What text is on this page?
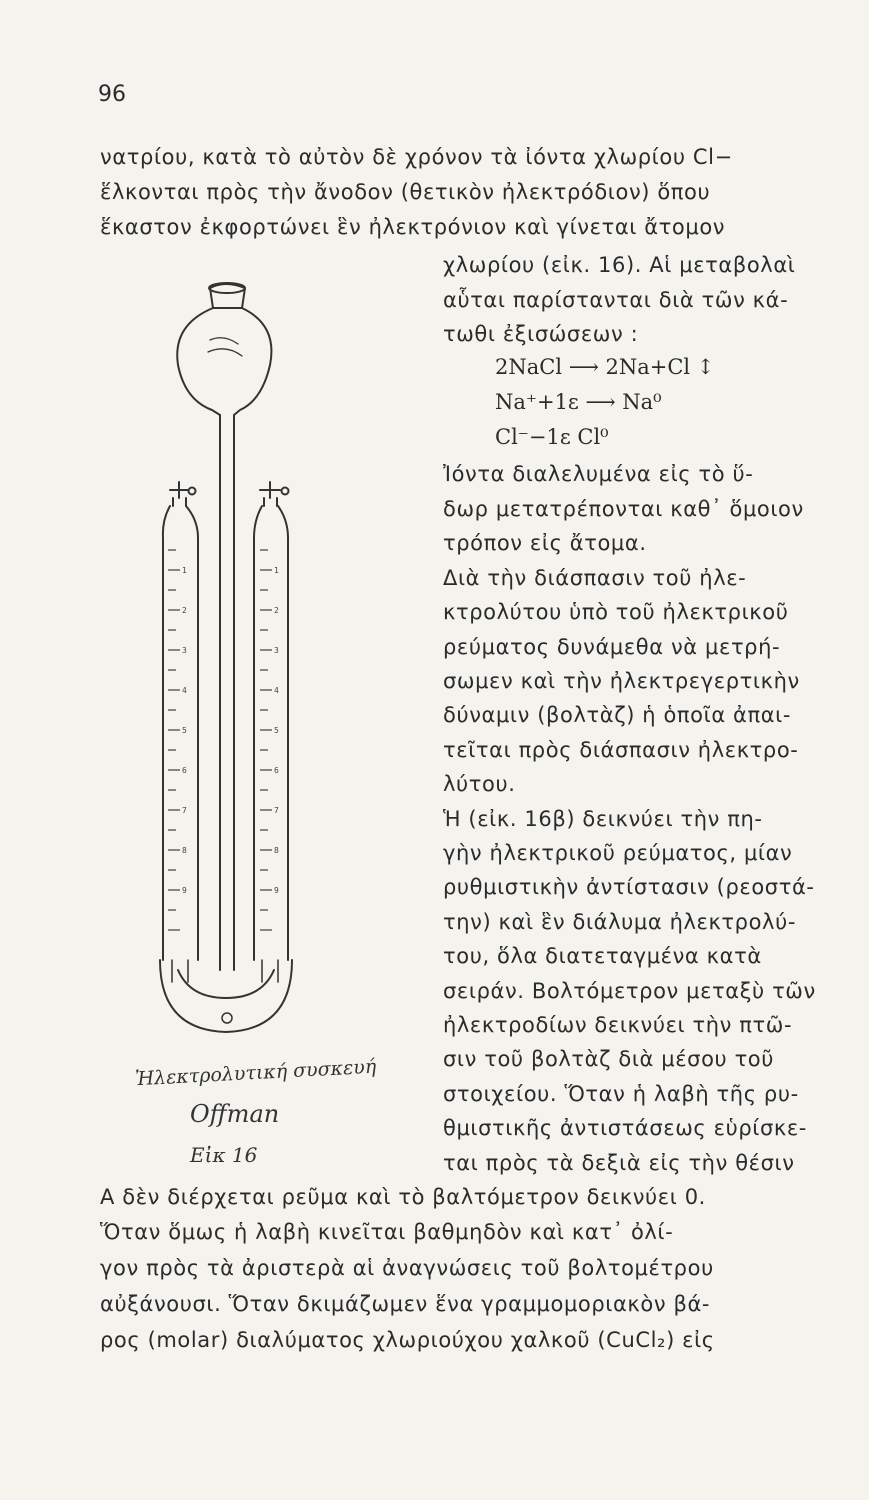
96
νατρίου, κατὰ τὸ αὐτὸν δὲ χρόνον τὰ ἰόντα χλωρίου Cl−
ἕλκονται πρὸς τὴν ἄνοδον (θετικὸν ἠλεκτρόδιον) ὅπου
ἕκαστον ἐκφορτώνει ἓν ἠλεκτρόνιον καὶ γίνεται ἄτομον
χλωρίου (εἰκ. 16). Αἱ μεταβολαὶ
αὗται παρίστανται διὰ τῶν κά-
τωθι ἐξισώσεων :
2NaCl ⟶ 2Na+Cl ↕
Na⁺+1ε ⟶ Na⁰
Cl⁻−1ε Cl⁰
Ἰόντα διαλελυμένα εἰς τὸ ὕ-
δωρ μετατρέπονται καθ᾿ ὅμοιον
τρόπον εἰς ἄτομα.
Διὰ τὴν διάσπασιν τοῦ ἠλε-
κτρολύτου ὑπὸ τοῦ ἠλεκτρικοῦ
ρεύματος δυνάμεθα νὰ μετρή-
σωμεν καὶ τὴν ἠλεκτρεγερτικὴν
δύναμιν (βολτὰζ) ἡ ὁποῖα ἀπαι-
τεῖται πρὸς διάσπασιν ἠλεκτρο-
λύτου.
Ἡ (εἰκ. 16β) δεικνύει τὴν πη-
γὴν ἠλεκτρικοῦ ρεύματος, μίαν
ρυθμιστικὴν ἀντίστασιν (ρεοστά-
την) καὶ ἓν διάλυμα ἠλεκτρολύ-
του, ὅλα διατεταγμένα κατὰ
σειράν. Βολτόμετρον μεταξὺ τῶν
ἠλεκτροδίων δεικνύει τὴν πτῶ-
σιν τοῦ βολτὰζ διὰ μέσου τοῦ
στοιχείου. Ὅταν ἡ λαβὴ τῆς ρυ-
θμιστικῆς ἀντιστάσεως εὑρίσκε-
ται πρὸς τὰ δεξιὰ εἰς τὴν θέσιν
Α δὲν διέρχεται ρεῦμα καὶ τὸ βαλτόμετρον δεικνύει 0.
Ὅταν ὅμως ἡ λαβὴ κινεῖται βαθμηδὸν καὶ κατ᾿ ὀλί-
γον πρὸς τὰ ἀριστερὰ αἱ ἀναγνώσεις τοῦ βολτομέτρου
αὐξάνουσι. Ὅταν δκιμάζωμεν ἕνα γραμμομοριακὸν βά-
ρος (molar) διαλύματος χλωριούχου χαλκοῦ (CuCl₂) εἰς
1
2
3
4
5
6
7
8
9
1
2
3
4
5
6
7
8
9
Ἠλεκτρολυτική συσκευή
Offman
Εἰκ 16
